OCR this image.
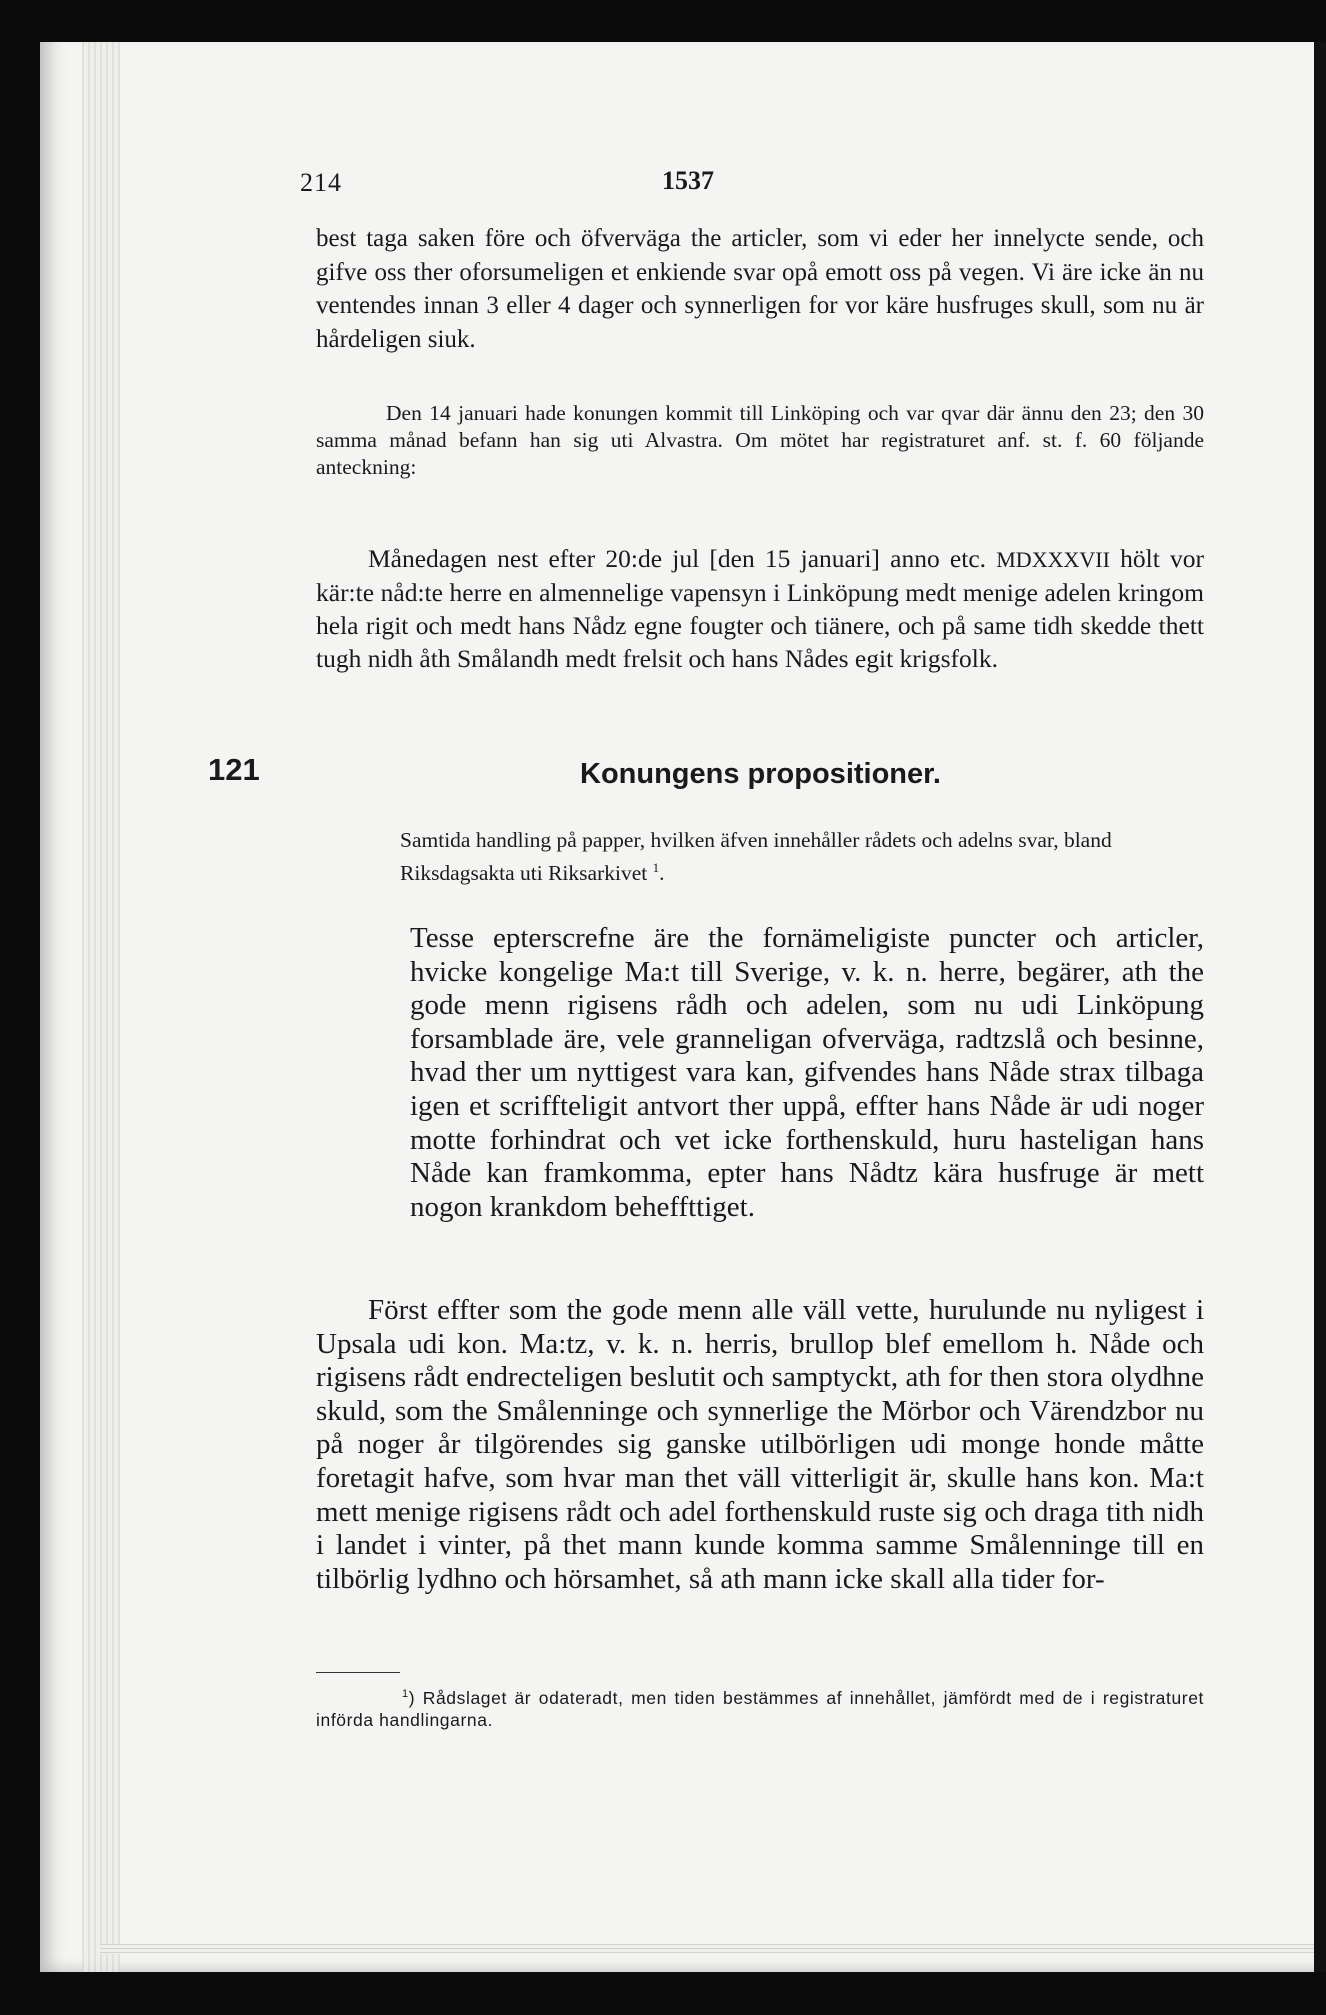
214	1537
best taga saken före och öfverväga the articler, som vi eder her innelycte sende, och gifve oss ther oforsumeligen et enkiende svar opå emott oss på vegen. Vi äre icke än nu ventendes innan 3 eller 4 dager och synnerligen for vor käre husfruges skull, som nu är hårdeligen siuk.
Den 14 januari hade konungen kommit till Linköping och var qvar där ännu den 23; den 30 samma månad befann han sig uti Alvastra. Om mötet har registraturet anf. st. f. 60 följande anteckning:
Månedagen nest efter 20:de jul [den 15 januari] anno etc. MDXXXVII hölt vor kär:te nåd:te herre en almennelige vapensyn i Linköpung medt menige adelen kringom hela rigit och medt hans Nådz egne fougter och tiänere, och på same tidh skedde thett tugh nidh åth Smålandh medt frelsit och hans Nådes egit krigsfolk.
121	Konungens propositioner.
Samtida handling på papper, hvilken äfven innehåller rådets och adelns svar, bland Riksdagsakta uti Riksarkivet $^1$.
Tesse epterscrefne äre the fornämeligiste puncter och articler, hvicke kongelige Ma:t till Sverige, v. k. n. herre, begärer, ath the gode menn rigisens rådh och adelen, som nu udi Linköpung forsamblade äre, vele granneligan ofverväga, radtzslå och besinne, hvad ther um nyttigest vara kan, gifvendes hans Nåde strax tilbaga igen et scriffteligit antvort ther uppå, effter hans Nåde är udi noger motte forhindrat och vet icke forthenskuld, huru hasteligan hans Nåde kan framkomma, epter hans Nådtz kära husfruge är mett nogon krankdom beheffttiget.
Först effter som the gode menn alle väll vette, hurulunde nu nyligest i Upsala udi kon. Ma:tz, v. k. n. herris, brullop blef emellom h. Nåde och rigisens rådt endrecteligen beslutit och samptyckt, ath for then stora olydhne skuld, som the Smålenninge och synnerlige the Mörbor och Värendzbor nu på noger år tilgörendes sig ganske utilbörligen udi monge honde måtte foretagit hafve, som hvar man thet väll vitterligit är, skulle hans kon. Ma:t mett menige rigisens rådt och adel forthenskuld ruste sig och draga tith nidh i landet i vinter, på thet mann kunde komma samme Smålenninge till en tilbörlig lydhno och hörsamhet, så ath mann icke skall alla tider for-
$^1$) Rådslaget är odateradt, men tiden bestämmes af innehållet, jämfördt med de i registraturet införda handlingarna.
